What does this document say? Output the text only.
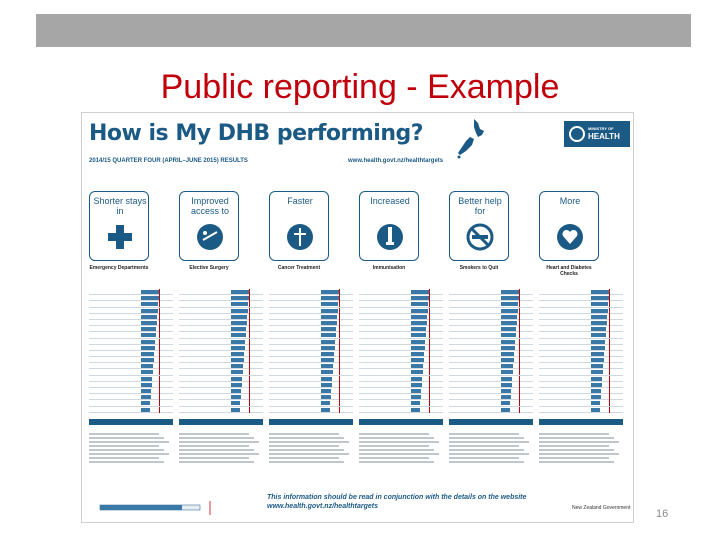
Public reporting - Example
How is My DHB performing?
2014/15 QUARTER FOUR (APRIL–JUNE 2015) RESULTS	www.health.govt.nz/healthtargets
MINISTRY OF
HEALTH
Shorter stays in
Emergency Departments
Improved access to
Elective Surgery
Faster
Cancer Treatment
Increased
Immunisation
Better help for
Smokers to Quit
More
Heart and Diabetes Checks
This information should be read in conjunction with the details on the website www.health.govt.nz/healthtargets	New Zealand Government 16
